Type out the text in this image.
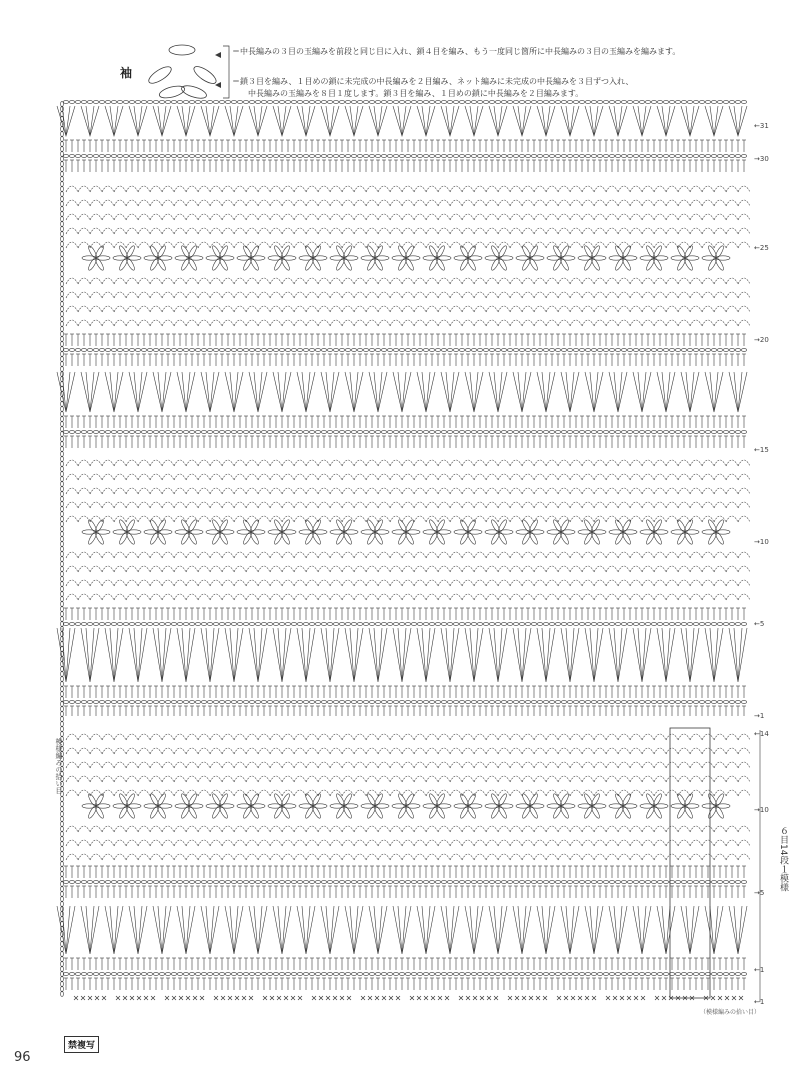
袖
＝中長編みの３目の玉編みを前段と同じ目に入れ、鎖４目を編み、もう一度同じ箇所に中長編みの３目の玉編みを編みます。
＝鎖３目を編み、１目めの鎖に未完成の中長編みを２目編み、ネット編みに未完成の中長編みを３目ずつ入れ、
中長編みの玉編みを８目１度します。鎖３目を編み、１目めの鎖に中長編みを２目編みます。
←31
→30
←25
→20
←15
→10
←5
→1
←14
→10
→5
←1
←1
模様編みの拾い目
６目14段１模様
（模様編みの拾い目）
96
禁複写
